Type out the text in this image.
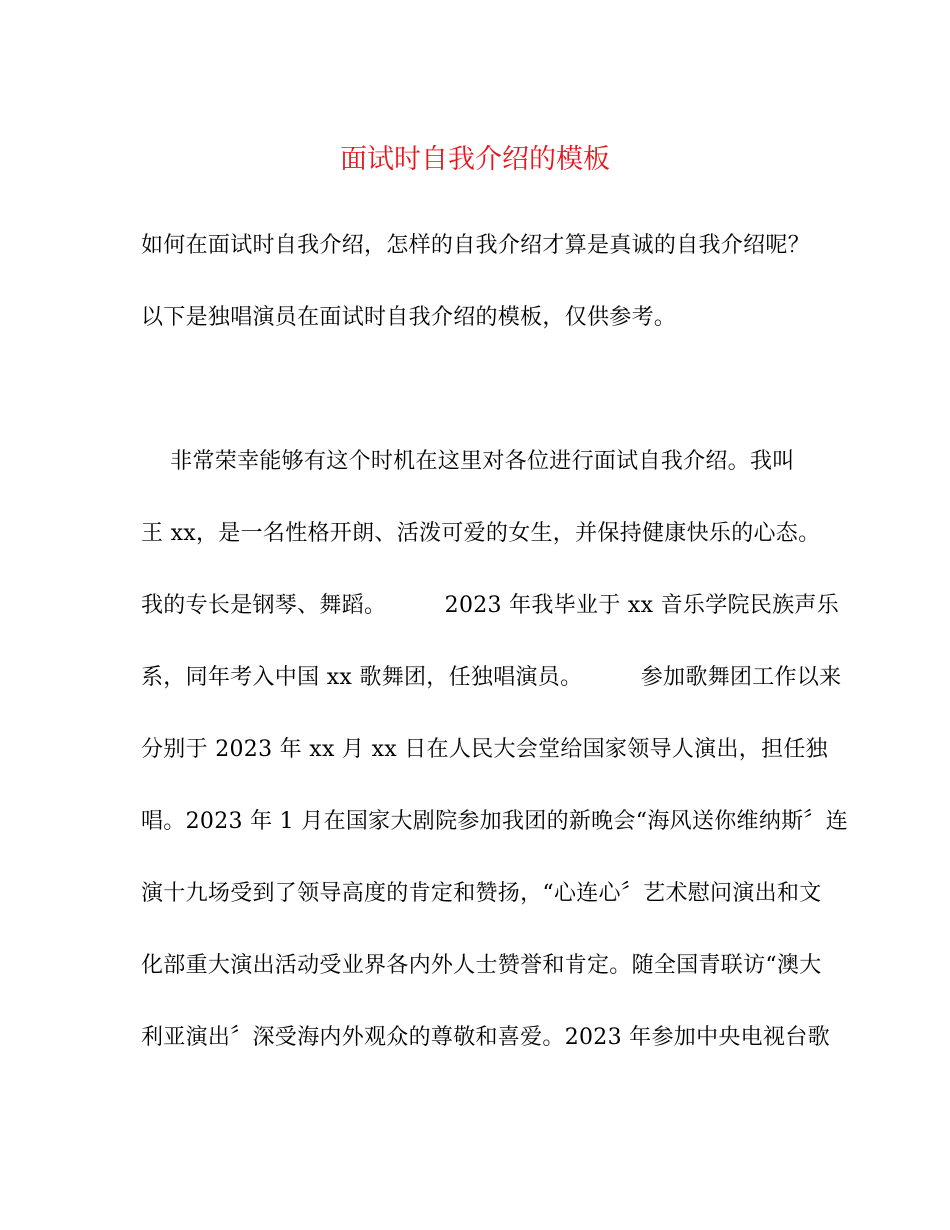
面试时自我介绍的模板
如何在面试时自我介绍，怎样的自我介绍才算是真诚的自我介绍呢？
以下是独唱演员在面试时自我介绍的模板，仅供参考。
非常荣幸能够有这个时机在这里对各位进行面试自我介绍。我叫
王 xx，是一名性格开朗、活泼可爱的女生，并保持健康快乐的心态。
我的专长是钢琴、舞蹈。        2023 年我毕业于 xx 音乐学院民族声乐
系，同年考入中国 xx 歌舞团，任独唱演员。        参加歌舞团工作以来
分别于 2023 年 xx 月 xx 日在人民大会堂给国家领导人演出，担任独
唱。2023 年 1 月在国家大剧院参加我团的新晚会“海风送你维纳斯〞连
演十九场受到了领导高度的肯定和赞扬，“心连心〞艺术慰问演出和文
化部重大演出活动受业界各内外人士赞誉和肯定。随全国青联访“澳大
利亚演出〞深受海内外观众的尊敬和喜爱。2023 年参加中央电视台歌
